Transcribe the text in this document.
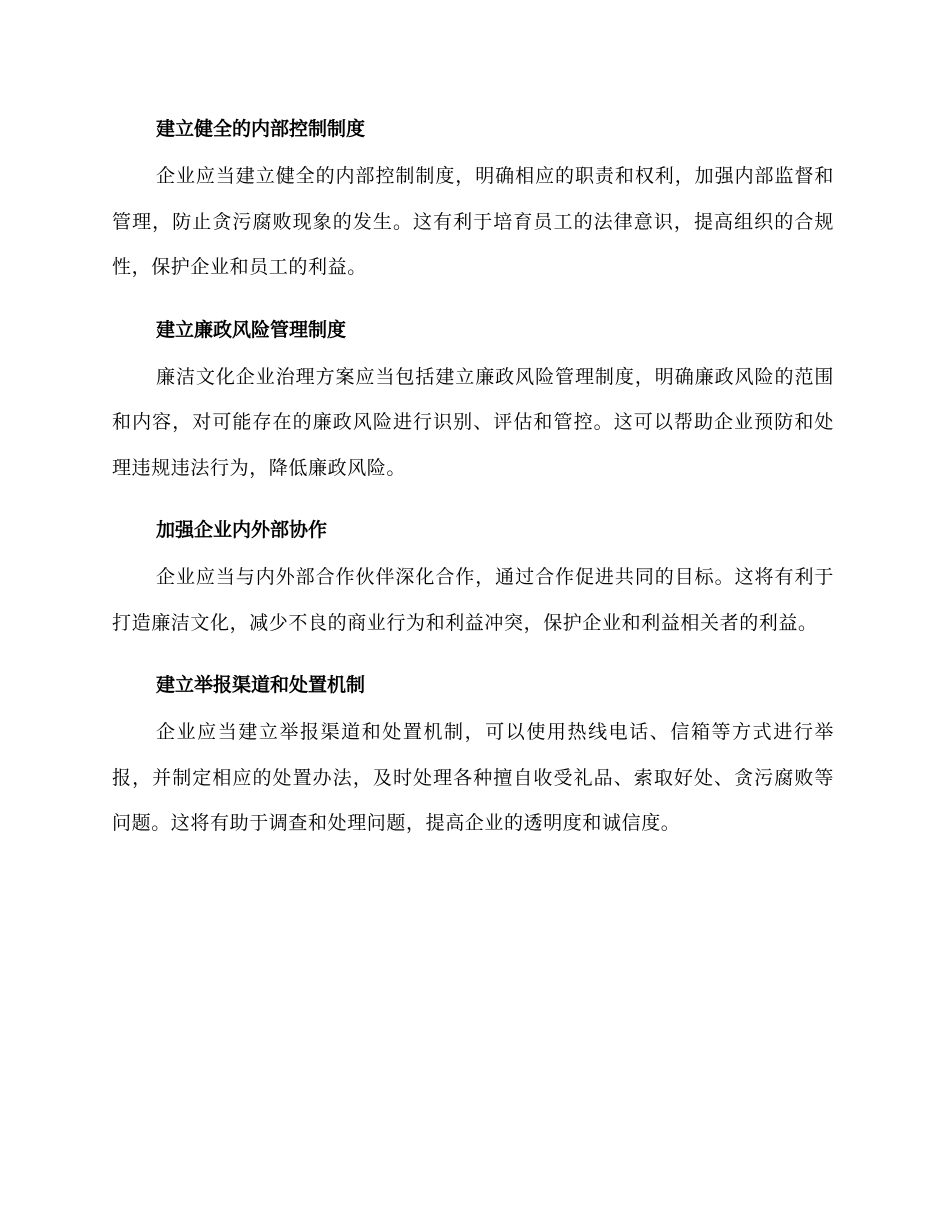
建立健全的内部控制制度

企业应当建立健全的内部控制制度，明确相应的职责和权利，加强内部监督和管理，防止贪污腐败现象的发生。这有利于培育员工的法律意识，提高组织的合规性，保护企业和员工的利益。

建立廉政风险管理制度

廉洁文化企业治理方案应当包括建立廉政风险管理制度，明确廉政风险的范围和内容，对可能存在的廉政风险进行识别、评估和管控。这可以帮助企业预防和处理违规违法行为，降低廉政风险。

加强企业内外部协作

企业应当与内外部合作伙伴深化合作，通过合作促进共同的目标。这将有利于打造廉洁文化，减少不良的商业行为和利益冲突，保护企业和利益相关者的利益。

建立举报渠道和处置机制

企业应当建立举报渠道和处置机制，可以使用热线电话、信箱等方式进行举报，并制定相应的处置办法，及时处理各种擅自收受礼品、索取好处、贪污腐败等问题。这将有助于调查和处理问题，提高企业的透明度和诚信度。
